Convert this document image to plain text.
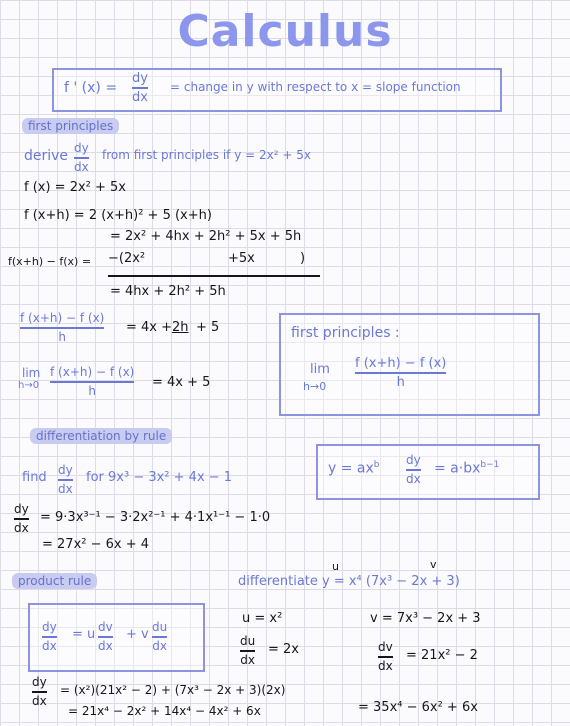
Calculus
f ' (x) =
dy
dx
= change in y with respect to x = slope function
first principles
derive dy
dx
from first principles if y = 2x² + 5x
f (x) = 2x² + 5x
f (x+h) = 2 (x+h)² + 5 (x+h)
= 2x² + 4hx + 2h² + 5x + 5h
f(x+h) − f(x) = −(2x²	+5x	)
= 4hx + 2h² + 5h
f (x+h) − f (x)
h
= 4x + 2h + 5
lim
h→0
f (x+h) − f (x)
h
= 4x + 5
first principles :
lim
h→0
f (x+h) − f (x)
h
differentiation by rule
find dy
dx
for 9x³ − 3x² + 4x − 1
$y = ax^b$ dy
dx
= $a\cdot bx^{b-1}$
dy
dx
= 9·3x³⁻¹ − 3·2x²⁻¹ + 4·1x¹⁻¹ − 1·0
= 27x² − 6x + 4
product rule
dy
dx
= u dv
dx
+ v du
dx
u	v
differentiate y = x⁴ (7x³ − 2x + 3)
u = x²	v = 7x³ − 2x + 3
du
dx
= 2x	dv
dx
= 21x² − 2
dy
dx
= (x²)(21x² − 2) + (7x³ − 2x + 3)(2x)
= 21x⁴ − 2x² + 14x⁴ − 4x² + 6x	= 35x⁴ − 6x² + 6x
